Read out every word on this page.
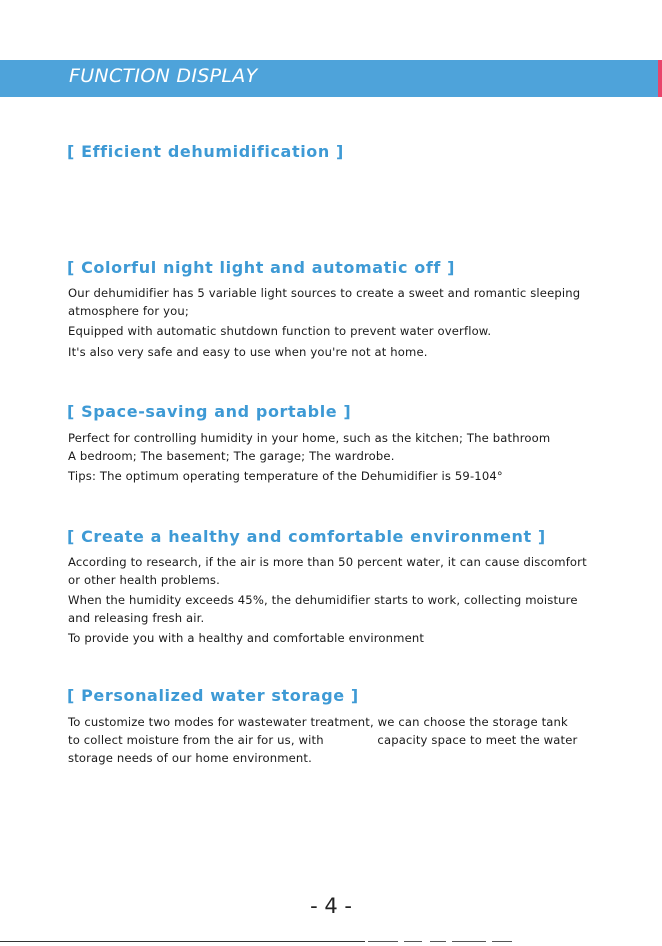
FUNCTION DISPLAY
[ Efficient dehumidification ]
[ Colorful night light and automatic off ]
Our dehumidifier has 5 variable light sources to create a sweet and romantic sleeping
atmosphere for you;
Equipped with automatic shutdown function to prevent water overflow.
It's also very safe and easy to use when you're not at home.
[ Space-saving and portable ]
Perfect for controlling humidity in your home, such as the kitchen; The bathroom
A bedroom; The basement; The garage; The wardrobe.
Tips: The optimum operating temperature of the Dehumidifier is 59-104°
[ Create a healthy and comfortable environment ]
According to research, if the air is more than 50 percent water, it can cause discomfort
or other health problems.
When the humidity exceeds 45%, the dehumidifier starts to work, collecting moisture
and releasing fresh air.
To provide you with a healthy and comfortable environment
[ Personalized water storage ]
To customize two modes for wastewater treatment, we can choose the storage tank
to collect moisture from the air for us, with              capacity space to meet the water
storage needs of our home environment.
- 4 -
